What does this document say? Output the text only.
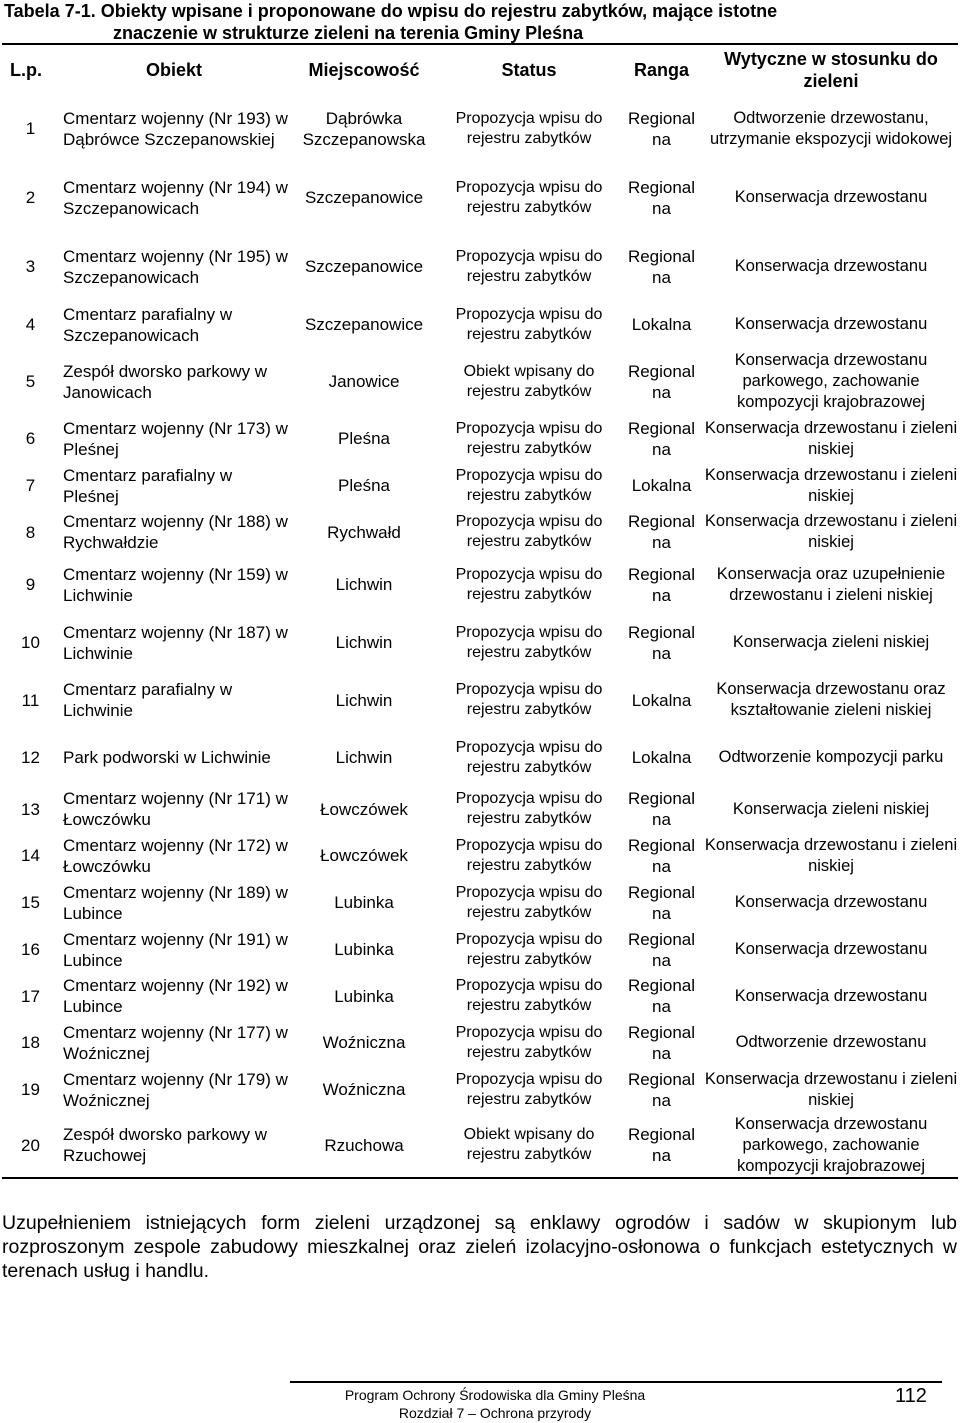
Tabela 7-1. Obiekty wpisane i proponowane do wpisu do rejestru zabytków, mające istotne
znaczenie w strukturze zieleni na terenia Gminy Pleśna
L.p.	Obiekt	Miejscowość	Status	Ranga	Wytyczne w stosunku do zieleni
1	Cmentarz wojenny (Nr 193) w Dąbrówce Szczepanowskiej	Dąbrówka Szczepanowska	Propozycja wpisu do rejestru zabytków	Regional na	Odtworzenie drzewostanu, utrzymanie ekspozycji widokowej
2	Cmentarz wojenny (Nr 194) w Szczepanowicach	Szczepanowice	Propozycja wpisu do rejestru zabytków	Regional na	Konserwacja drzewostanu
3	Cmentarz wojenny (Nr 195) w Szczepanowicach	Szczepanowice	Propozycja wpisu do rejestru zabytków	Regional na	Konserwacja drzewostanu
4	Cmentarz parafialny w Szczepanowicach	Szczepanowice	Propozycja wpisu do rejestru zabytków	Lokalna	Konserwacja drzewostanu
5	Zespół dworsko parkowy w Janowicach	Janowice	Obiekt wpisany do rejestru zabytków	Regional na	Konserwacja drzewostanu parkowego, zachowanie kompozycji krajobrazowej
6	Cmentarz wojenny (Nr 173) w Pleśnej	Pleśna	Propozycja wpisu do rejestru zabytków	Regional na	Konserwacja drzewostanu i zieleni niskiej
7	Cmentarz parafialny w Pleśnej	Pleśna	Propozycja wpisu do rejestru zabytków	Lokalna	Konserwacja drzewostanu i zieleni niskiej
8	Cmentarz wojenny (Nr 188) w Rychwałdzie	Rychwałd	Propozycja wpisu do rejestru zabytków	Regional na	Konserwacja drzewostanu i zieleni niskiej
9	Cmentarz wojenny (Nr 159) w Lichwinie	Lichwin	Propozycja wpisu do rejestru zabytków	Regional na	Konserwacja oraz uzupełnienie drzewostanu i zieleni niskiej
10	Cmentarz wojenny (Nr 187) w Lichwinie	Lichwin	Propozycja wpisu do rejestru zabytków	Regional na	Konserwacja zieleni niskiej
11	Cmentarz parafialny w Lichwinie	Lichwin	Propozycja wpisu do rejestru zabytków	Lokalna	Konserwacja drzewostanu oraz kształtowanie zieleni niskiej
12	Park podworski w Lichwinie	Lichwin	Propozycja wpisu do rejestru zabytków	Lokalna	Odtworzenie kompozycji parku
13	Cmentarz wojenny (Nr 171) w Łowczówku	Łowczówek	Propozycja wpisu do rejestru zabytków	Regional na	Konserwacja zieleni niskiej
14	Cmentarz wojenny (Nr 172) w Łowczówku	Łowczówek	Propozycja wpisu do rejestru zabytków	Regional na	Konserwacja drzewostanu i zieleni niskiej
15	Cmentarz wojenny (Nr 189) w Lubince	Lubinka	Propozycja wpisu do rejestru zabytków	Regional na	Konserwacja drzewostanu
16	Cmentarz wojenny (Nr 191) w Lubince	Lubinka	Propozycja wpisu do rejestru zabytków	Regional na	Konserwacja drzewostanu
17	Cmentarz wojenny (Nr 192) w Lubince	Lubinka	Propozycja wpisu do rejestru zabytków	Regional na	Konserwacja drzewostanu
18	Cmentarz wojenny (Nr 177) w Woźnicznej	Woźniczna	Propozycja wpisu do rejestru zabytków	Regional na	Odtworzenie drzewostanu
19	Cmentarz wojenny (Nr 179) w Woźnicznej	Woźniczna	Propozycja wpisu do rejestru zabytków	Regional na	Konserwacja drzewostanu i zieleni niskiej
20	Zespół dworsko parkowy w Rzuchowej	Rzuchowa	Obiekt wpisany do rejestru zabytków	Regional na	Konserwacja drzewostanu parkowego, zachowanie kompozycji krajobrazowej
Uzupełnieniem istniejących form zieleni urządzonej są enklawy ogrodów i sadów w skupionym lub rozproszonym zespole zabudowy mieszkalnej oraz zieleń izolacyjno-osłonowa o funkcjach estetycznych w terenach usług i handlu.
Program Ochrony Środowiska dla Gminy Pleśna
Rozdział 7 – Ochrona przyrody
112
